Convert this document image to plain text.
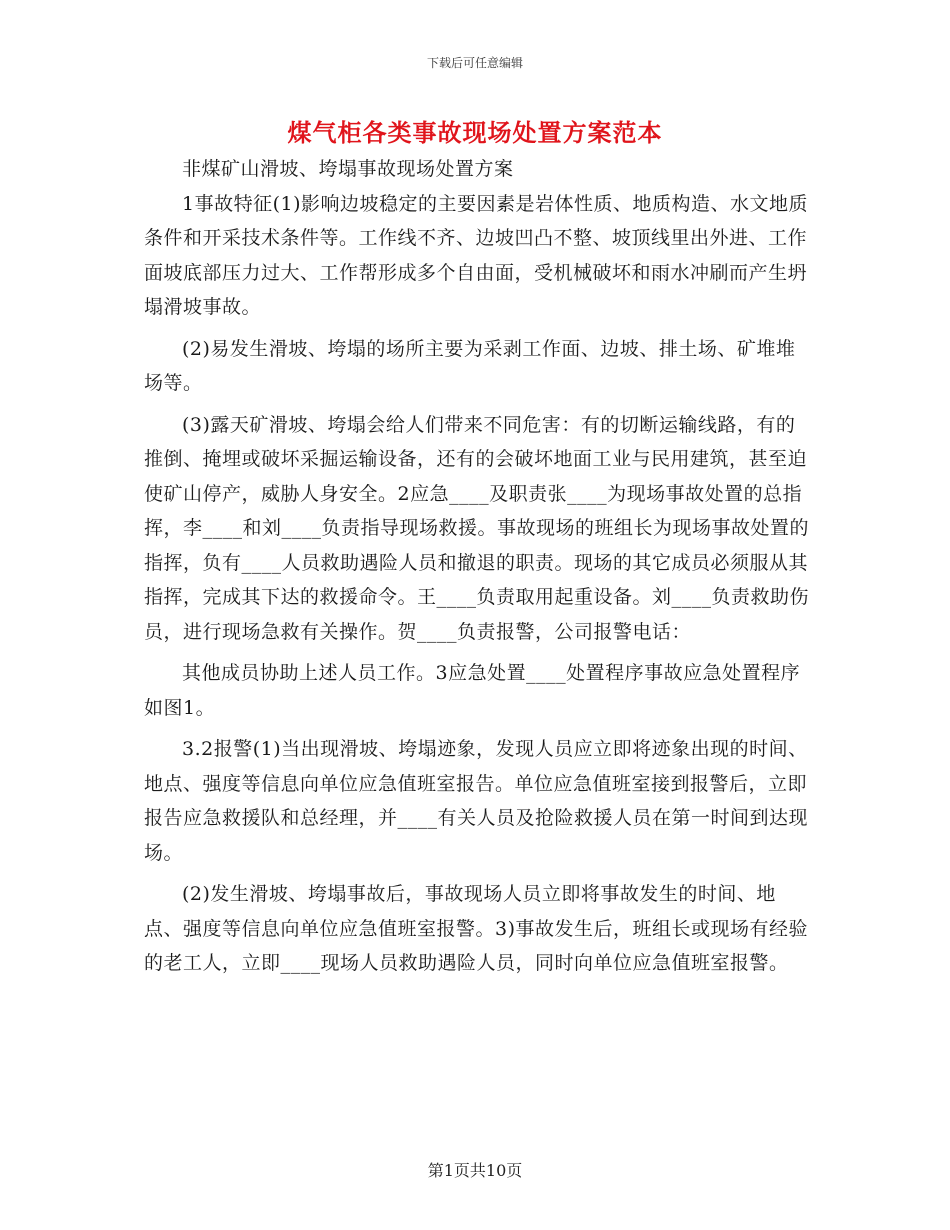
下载后可任意编辑
煤气柜各类事故现场处置方案范本

非煤矿山滑坡、垮塌事故现场处置方案

1事故特征(1)影响边坡稳定的主要因素是岩体性质、地质构造、水文地质条件和开采技术条件等。工作线不齐、边坡凹凸不整、坡顶线里出外进、工作面坡底部压力过大、工作帮形成多个自由面，受机械破坏和雨水冲刷而产生坍塌滑坡事故。

(2)易发生滑坡、垮塌的场所主要为采剥工作面、边坡、排土场、矿堆堆场等。

(3)露天矿滑坡、垮塌会给人们带来不同危害：有的切断运输线路，有的推倒、掩埋或破坏采掘运输设备，还有的会破坏地面工业与民用建筑，甚至迫使矿山停产，威胁人身安全。2应急____及职责张____为现场事故处置的总指挥，李____和刘____负责指导现场救援。事故现场的班组长为现场事故处置的指挥，负有____人员救助遇险人员和撤退的职责。现场的其它成员必须服从其指挥，完成其下达的救援命令。王____负责取用起重设备。刘____负责救助伤员，进行现场急救有关操作。贺____负责报警，公司报警电话：

其他成员协助上述人员工作。3应急处置____处置程序事故应急处置程序如图1。

3.2报警(1)当出现滑坡、垮塌迹象，发现人员应立即将迹象出现的时间、地点、强度等信息向单位应急值班室报告。单位应急值班室接到报警后，立即报告应急救援队和总经理，并____有关人员及抢险救援人员在第一时间到达现场。

(2)发生滑坡、垮塌事故后，事故现场人员立即将事故发生的时间、地点、强度等信息向单位应急值班室报警。3)事故发生后，班组长或现场有经验的老工人，立即____现场人员救助遇险人员，同时向单位应急值班室报警。

第1页共10页
